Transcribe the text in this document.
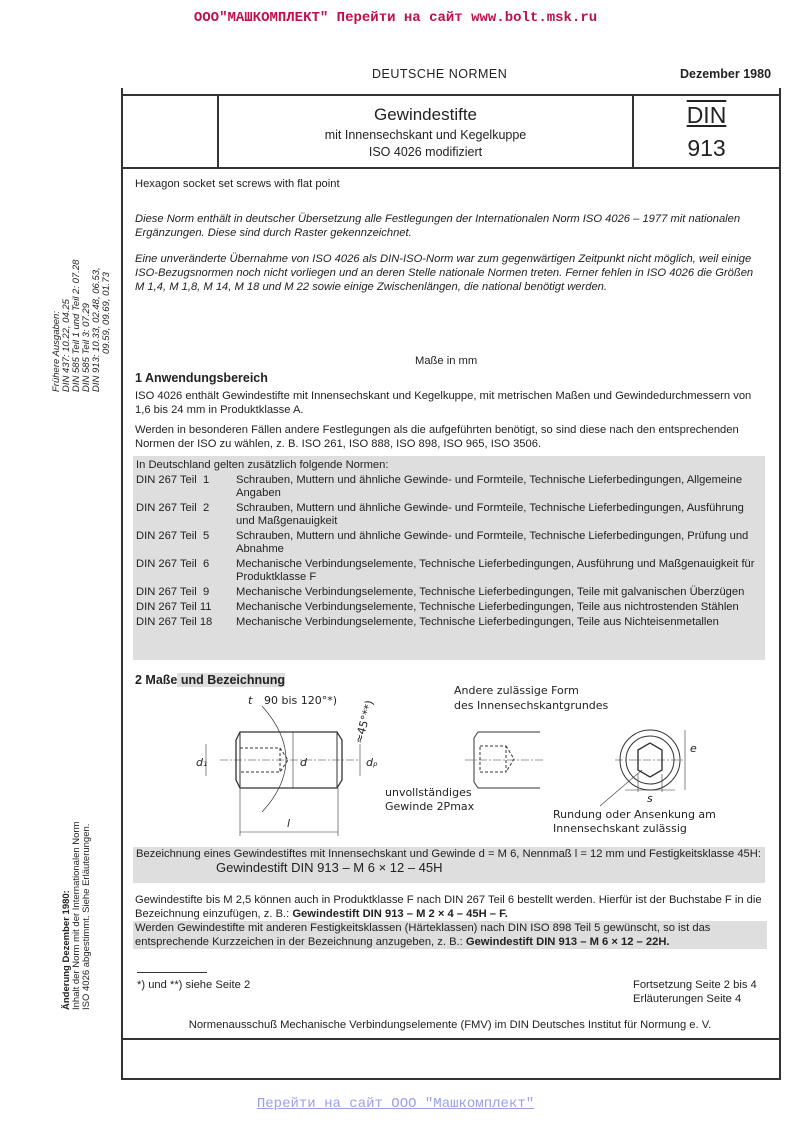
ООО"МАШКОМПЛЕКТ" Перейти на сайт www.bolt.msk.ru
DEUTSCHE NORMEN	Dezember 1980
Gewindestifte
mit Innensechskant und Kegelkuppe
ISO 4026 modifiziert
DIN
913
Hexagon socket set screws with flat point

Diese Norm enthält in deutscher Übersetzung alle Festlegungen der Internationalen Norm ISO 4026 – 1977 mit nationalen Ergänzungen. Diese sind durch Raster gekennzeichnet.

Eine unveränderte Übernahme von ISO 4026 als DIN-ISO-Norm war zum gegenwärtigen Zeitpunkt nicht möglich, weil einige ISO-Bezugsnormen noch nicht vorliegen und an deren Stelle nationale Normen treten. Ferner fehlen in ISO 4026 die Größen M 1,4, M 1,8, M 14, M 18 und M 22 sowie einige Zwischenlängen, die national benötigt werden.

Frühere Ausgaben: DIN 437: 10.22, 04.25 DIN 585 Teil 1 und Teil 2: 07.28 DIN 585 Teil 3: 07.29 DIN 913: 10.33, 02.48, 06.53, 09.59, 09.69, 01.73
Änderung Dezember 1980: Inhalt der Norm mit der Internationalen Norm ISO 4026 abgestimmt. Siehe Erläuterungen.
Maße in mm
1 Anwendungsbereich

ISO 4026 enthält Gewindestifte mit Innensechskant und Kegelkuppe, mit metrischen Maßen und Gewindedurchmessern von 1,6 bis 24 mm in Produktklasse A.

Werden in besonderen Fällen andere Festlegungen als die aufgeführten benötigt, so sind diese nach den entsprechenden Normen der ISO zu wählen, z. B. ISO 261, ISO 888, ISO 898, ISO 965, ISO 3506.

In Deutschland gelten zusätzlich folgende Normen:
DIN 267 Teil  1	Schrauben, Muttern und ähnliche Gewinde- und Formteile, Technische Lieferbedingungen, Allgemeine Angaben
DIN 267 Teil  2	Schrauben, Muttern und ähnliche Gewinde- und Formteile, Technische Lieferbedingungen, Ausführung und Maßgenauigkeit
DIN 267 Teil  5	Schrauben, Muttern und ähnliche Gewinde- und Formteile, Technische Lieferbedingungen, Prüfung und Abnahme
DIN 267 Teil  6	Mechanische Verbindungselemente, Technische Lieferbedingungen, Ausführung und Maßgenauigkeit für Produktklasse F
DIN 267 Teil  9	Mechanische Verbindungselemente, Technische Lieferbedingungen, Teile mit galvanischen Überzügen
DIN 267 Teil 11	Mechanische Verbindungselemente, Technische Lieferbedingungen, Teile aus nichtrostenden Stählen
DIN 267 Teil 18	Mechanische Verbindungselemente, Technische Lieferbedingungen, Teile aus Nichteisenmetallen
2 Maße und Bezeichnung
t 90 bis 120°*) ≈45°**)
d₁	d	dₚ
l
unvollständiges
Gewinde 2Pmax
Andere zulässige Form
des Innensechskantgrundes
Rundung oder Ansenkung am
Innensechskant zulässig
e
s

Bezeichnung eines Gewindestiftes mit Innensechskant und Gewinde d = M 6, Nennmaß l = 12 mm und Festigkeitsklasse 45H:Gewindestift DIN 913 – M 6 × 12 – 45H

Gewindestifte bis M 2,5 können auch in Produktklasse F nach DIN 267 Teil 6 bestellt werden. Hierfür ist der Buchstabe F in die Bezeichnung einzufügen, z. B.: Gewindestift DIN 913 – M 2 × 4 – 45H – F.

Werden Gewindestifte mit anderen Festigkeitsklassen (Härteklassen) nach DIN ISO 898 Teil 5 gewünscht, so ist das entsprechende Kurzzeichen in der Bezeichnung anzugeben, z. B.: Gewindestift DIN 913 – M 6 × 12 – 22H.

*) und **) siehe Seite 2	Fortsetzung Seite 2 bis 4
Erläuterungen Seite 4
Normenausschuß Mechanische Verbindungselemente (FMV) im DIN Deutsches Institut für Normung e. V.
Перейти на сайт ООО "Машкомплект"
